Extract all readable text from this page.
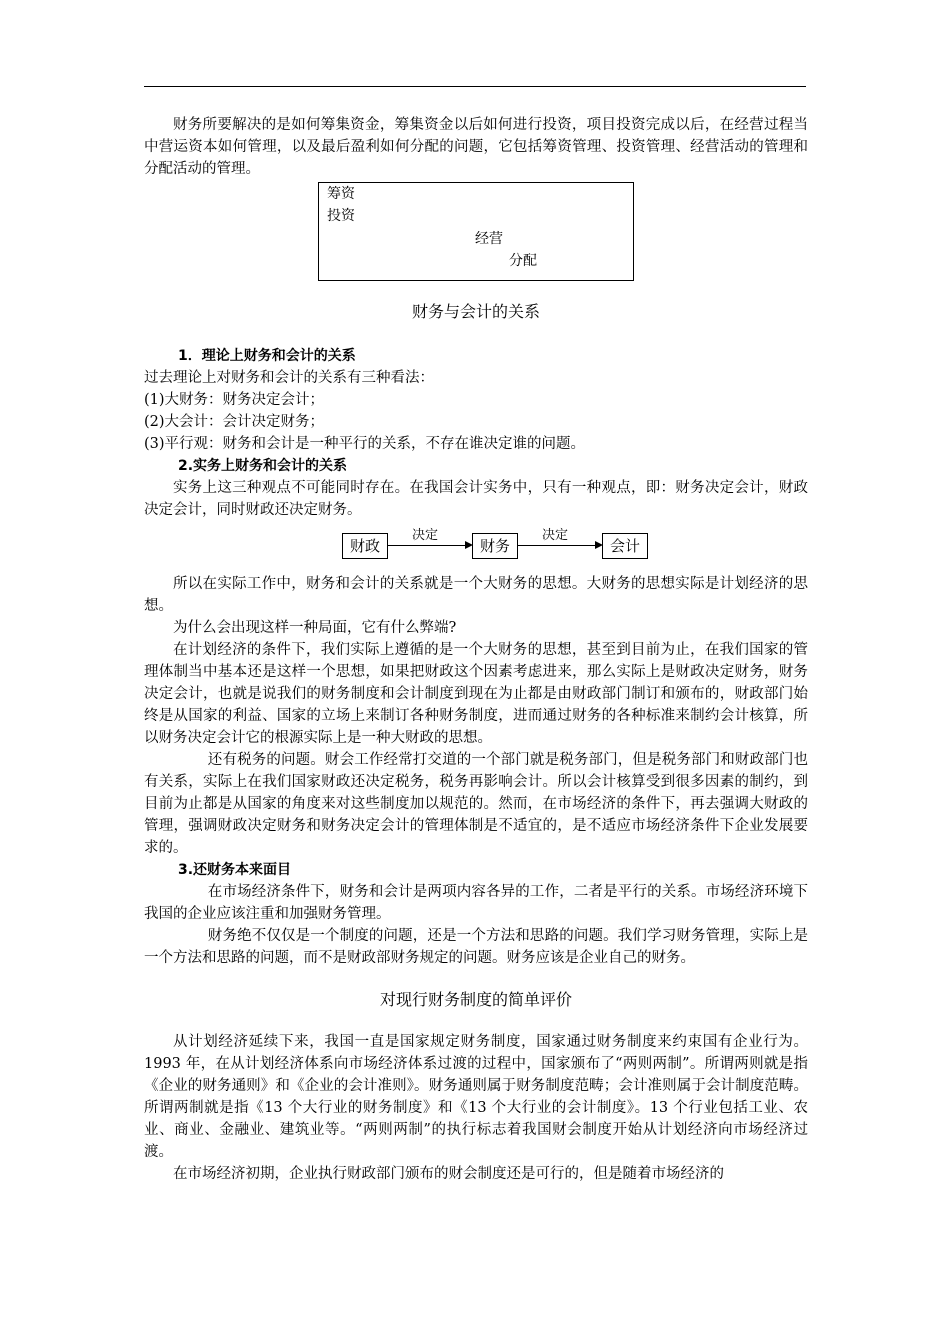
财务所要解决的是如何筹集资金，筹集资金以后如何进行投资，项目投资完成以后，在经营过程当中营运资本如何管理，以及最后盈利如何分配的问题，它包括筹资管理、投资管理、经营活动的管理和分配活动的管理。

筹资
投资
经营
分配
财务与会计的关系

1．理论上财务和会计的关系

过去理论上对财务和会计的关系有三种看法：

(1)大财务：财务决定会计；

(2)大会计：会计决定财务；

(3)平行观：财务和会计是一种平行的关系，不存在谁决定谁的问题。

2.实务上财务和会计的关系

实务上这三种观点不可能同时存在。在我国会计实务中，只有一种观点，即：财务决定会计，财政决定会计，同时财政还决定财务。

财政
决定
财务
决定
会计

所以在实际工作中，财务和会计的关系就是一个大财务的思想。大财务的思想实际是计划经济的思想。

为什么会出现这样一种局面，它有什么弊端?

在计划经济的条件下，我们实际上遵循的是一个大财务的思想，甚至到目前为止，在我们国家的管理体制当中基本还是这样一个思想，如果把财政这个因素考虑进来，那么实际上是财政决定财务，财务决定会计，也就是说我们的财务制度和会计制度到现在为止都是由财政部门制订和颁布的，财政部门始终是从国家的利益、国家的立场上来制订各种财务制度，进而通过财务的各种标准来制约会计核算，所以财务决定会计它的根源实际上是一种大财政的思想。

还有税务的问题。财会工作经常打交道的一个部门就是税务部门，但是税务部门和财政部门也有关系，实际上在我们国家财政还决定税务，税务再影响会计。所以会计核算受到很多因素的制约，到目前为止都是从国家的角度来对这些制度加以规范的。然而，在市场经济的条件下，再去强调大财政的管理，强调财政决定财务和财务决定会计的管理体制是不适宜的，是不适应市场经济条件下企业发展要求的。

3.还财务本来面目

在市场经济条件下，财务和会计是两项内容各异的工作，二者是平行的关系。市场经济环境下我国的企业应该注重和加强财务管理。

财务绝不仅仅是一个制度的问题，还是一个方法和思路的问题。我们学习财务管理，实际上是一个方法和思路的问题，而不是财政部财务规定的问题。财务应该是企业自己的财务。

对现行财务制度的简单评价

从计划经济延续下来，我国一直是国家规定财务制度，国家通过财务制度来约束国有企业行为。1993 年，在从计划经济体系向市场经济体系过渡的过程中，国家颁布了“两则两制”。所谓两则就是指《企业的财务通则》和《企业的会计准则》。财务通则属于财务制度范畴；会计准则属于会计制度范畴。所谓两制就是指《13 个大行业的财务制度》和《13 个大行业的会计制度》。13 个行业包括工业、农业、商业、金融业、建筑业等。“两则两制”的执行标志着我国财会制度开始从计划经济向市场经济过渡。

在市场经济初期，企业执行财政部门颁布的财会制度还是可行的，但是随着市场经济的
